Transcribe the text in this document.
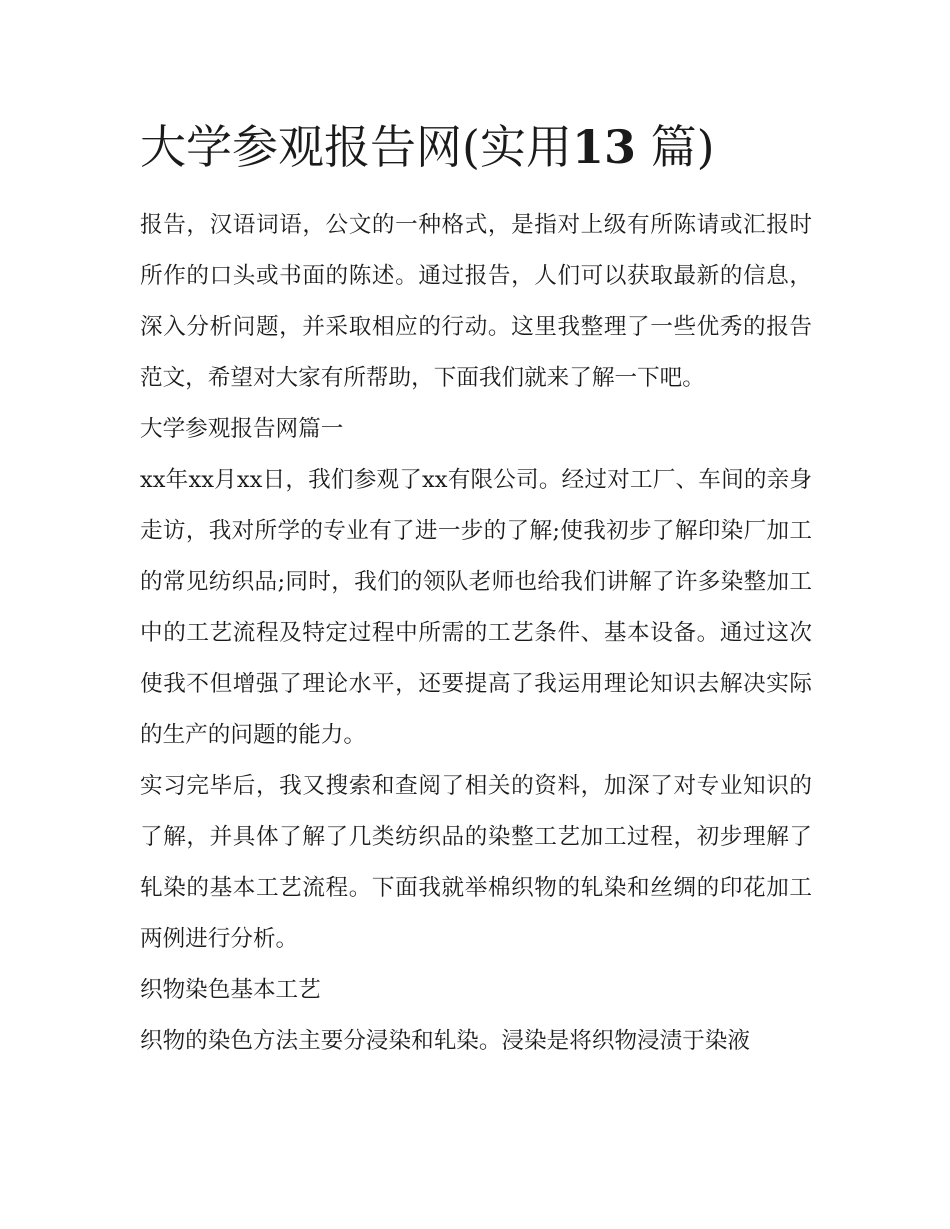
大学参观报告网(实用13 篇)

报告，汉语词语，公文的一种格式，是指对上级有所陈请或汇报时所作的口头或书面的陈述。通过报告，人们可以获取最新的信息，深入分析问题，并采取相应的行动。这里我整理了一些优秀的报告范文，希望对大家有所帮助，下面我们就来了解一下吧。

大学参观报告网篇一

xx年xx月xx日，我们参观了xx有限公司。经过对工厂、车间的亲身走访，我对所学的专业有了进一步的了解;使我初步了解印染厂加工的常见纺织品;同时，我们的领队老师也给我们讲解了许多染整加工中的工艺流程及特定过程中所需的工艺条件、基本设备。通过这次使我不但增强了理论水平，还要提高了我运用理论知识去解决实际的生产的问题的能力。

实习完毕后，我又搜索和查阅了相关的资料，加深了对专业知识的了解，并具体了解了几类纺织品的染整工艺加工过程，初步理解了轧染的基本工艺流程。下面我就举棉织物的轧染和丝绸的印花加工两例进行分析。

织物染色基本工艺

织物的染色方法主要分浸染和轧染。浸染是将织物浸渍于染液
